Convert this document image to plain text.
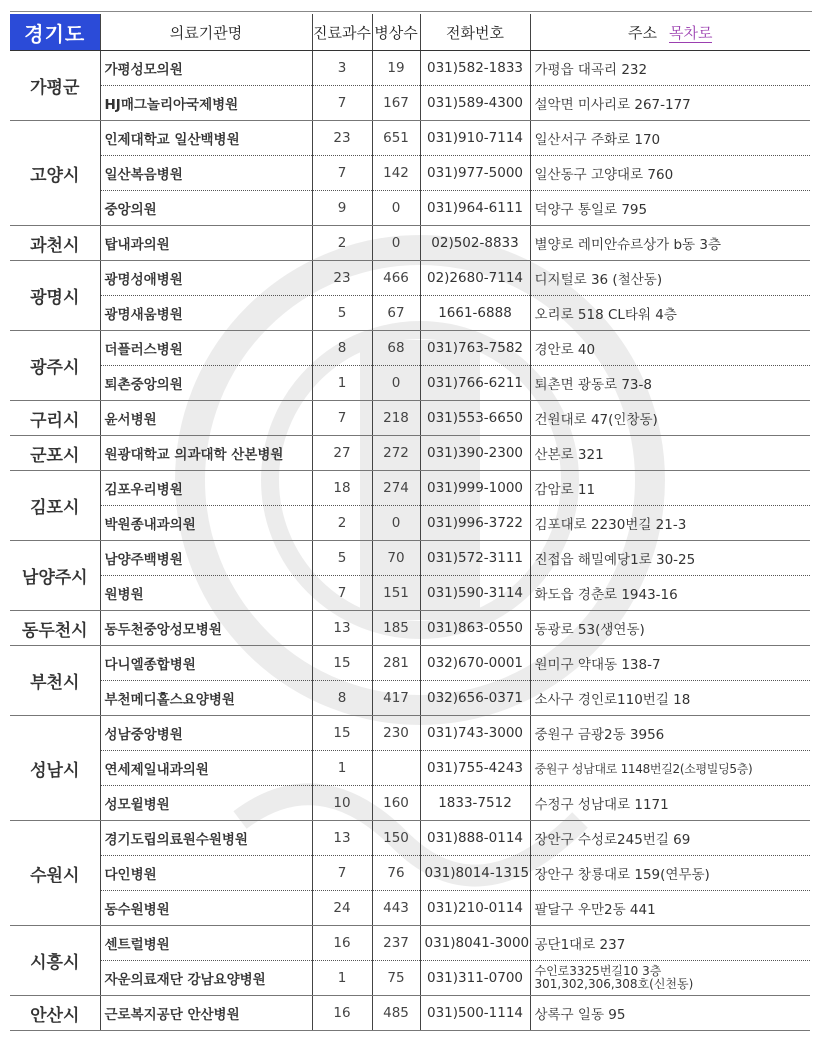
경기도	의료기관명	진료과수	병상수	전화번호	주소 목차로
가평군	가평성모의원	3	19	031)582-1833	가평읍 대곡리 232
	HJ매그놀리아국제병원	7	167	031)589-4300	설악면 미사리로 267-177
고양시	인제대학교 일산백병원	23	651	031)910-7114	일산서구 주화로 170
	일산복음병원	7	142	031)977-5000	일산동구 고양대로 760
	중앙의원	9	0	031)964-6111	덕양구 통일로 795
과천시	탑내과의원	2	0	02)502-8833	별양로 레미안슈르상가 b동 3층
광명시	광명성애병원	23	466	02)2680-7114	디지털로 36 (철산동)
	광명새움병원	5	67	1661-6888	오리로 518 CL타워 4층
광주시	더플러스병원	8	68	031)763-7582	경안로 40
	퇴촌중앙의원	1	0	031)766-6211	퇴촌면 광동로 73-8
구리시	윤서병원	7	218	031)553-6650	건원대로 47(인창동)
군포시	원광대학교 의과대학 산본병원	27	272	031)390-2300	산본로 321
김포시	김포우리병원	18	274	031)999-1000	감암로 11
	박원종내과의원	2	0	031)996-3722	김포대로 2230번길 21-3
남양주시	남양주백병원	5	70	031)572-3111	진접읍 해밀예당1로 30-25
	원병원	7	151	031)590-3114	화도읍 경춘로 1943-16
동두천시	동두천중앙성모병원	13	185	031)863-0550	동광로 53(생연동)
부천시	다니엘종합병원	15	281	032)670-0001	원미구 약대동 138-7
	부천메디홀스요양병원	8	417	032)656-0371	소사구 경인로110번길 18
성남시	성남중앙병원	15	230	031)743-3000	중원구 금광2동 3956
	연세제일내과의원	1		031)755-4243	중원구 성남대로 1148번길2(소평빌딩5층)
	성모윌병원	10	160	1833-7512	수정구 성남대로 1171
수원시	경기도립의료원수원병원	13	150	031)888-0114	장안구 수성로245번길 69
	다인병원	7	76	031)8014-1315	장안구 창룡대로 159(연무동)
	동수원병원	24	443	031)210-0114	팔달구 우만2동 441
시흥시	센트럴병원	16	237	031)8041-3000	공단1대로 237
	자운의료재단 강남요양병원	1	75	031)311-0700	수인로3325번길10 3층
301,302,306,308호(신천동)

안산시	근로복지공단 안산병원	16	485	031)500-1114	상록구 일동 95
